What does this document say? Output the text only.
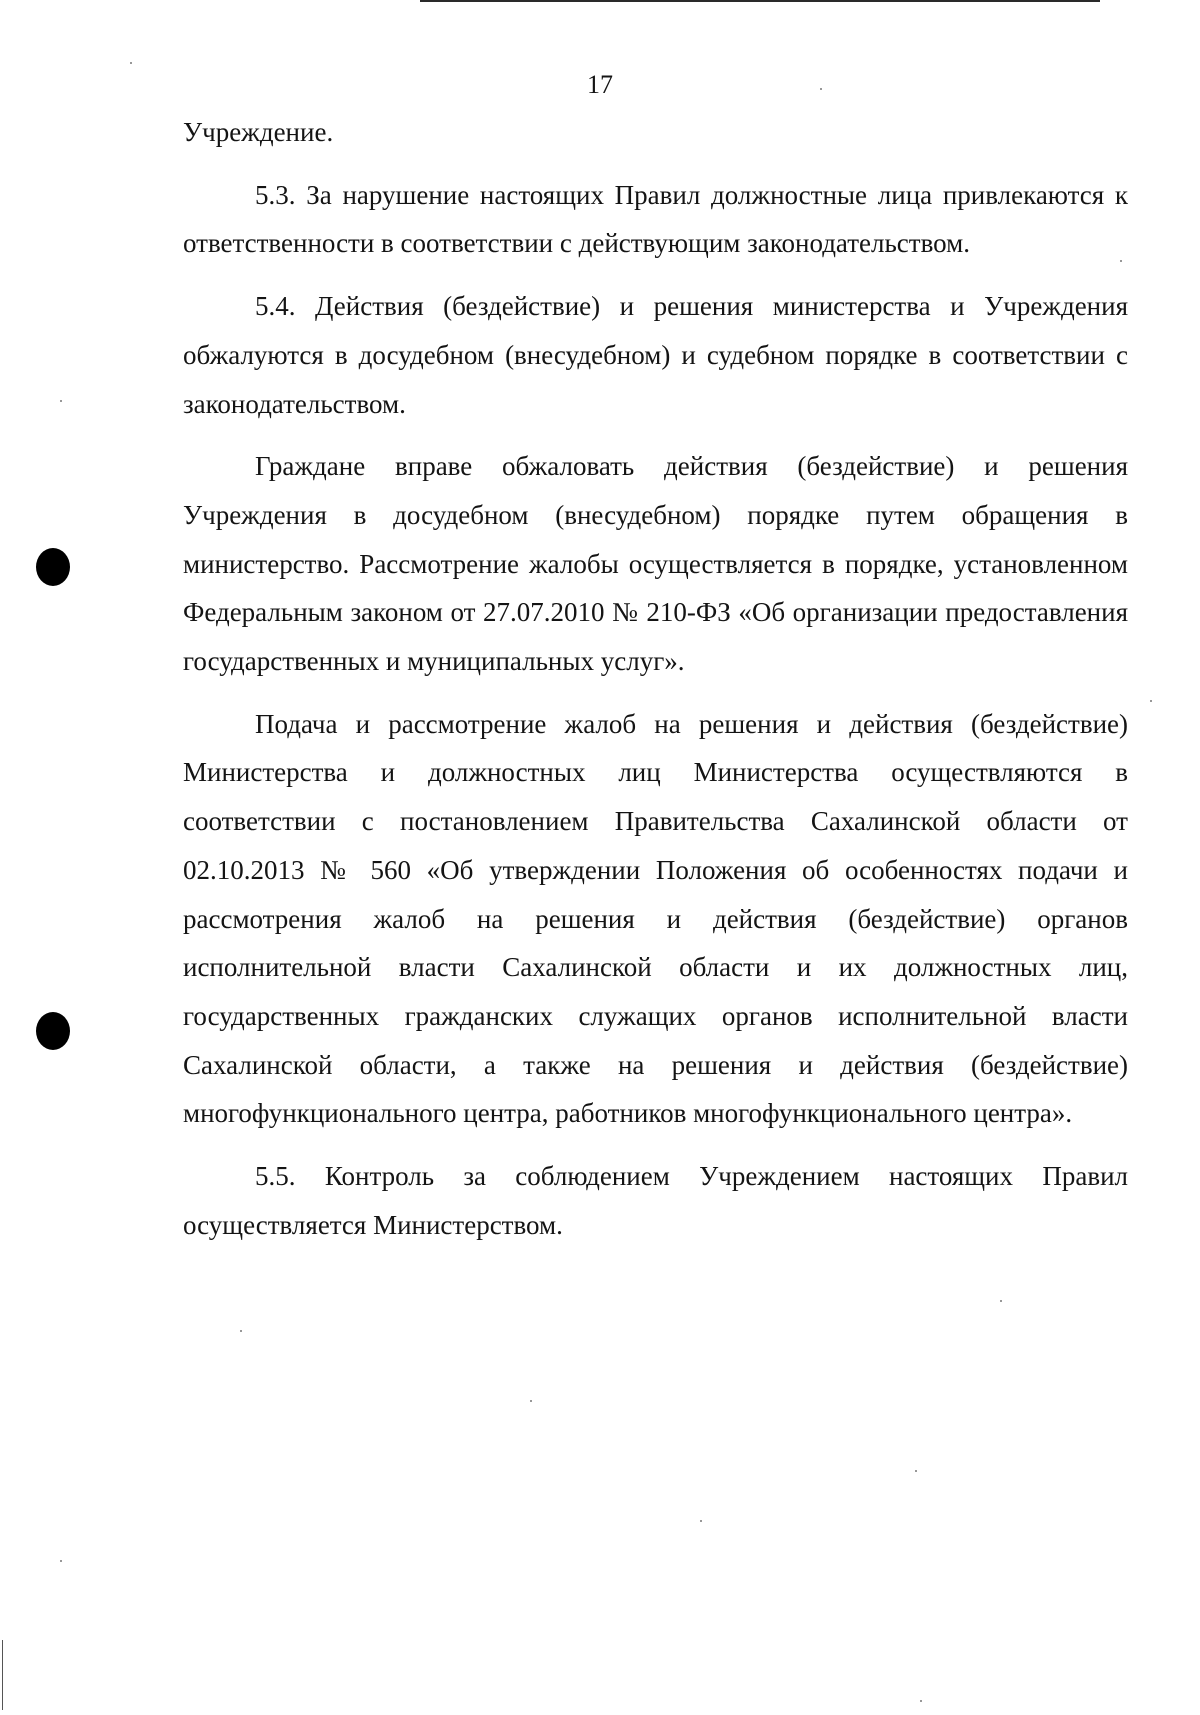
17

Учреждение.

5.3. За нарушение настоящих Правил должностные лица привлекаются к ответственности в соответствии с действующим законодательством.

5.4. Действия (бездействие) и решения министерства и Учреждения обжалуются в досудебном (внесудебном) и судебном порядке в соответствии с законодательством.

Граждане вправе обжаловать действия (бездействие) и решения Учреждения в досудебном (внесудебном) порядке путем обращения в министерство. Рассмотрение жалобы осуществляется в порядке, установленном Федеральным законом от 27.07.2010 № 210-ФЗ «Об организации предоставления государственных и муниципальных услуг».

Подача и рассмотрение жалоб на решения и действия (бездействие) Министерства и должностных лиц Министерства осуществляются в соответствии с постановлением Правительства Сахалинской области от 02.10.2013 № 560 «Об утверждении Положения об особенностях подачи и рассмотрения жалоб на решения и действия (бездействие) органов исполнительной власти Сахалинской области и их должностных лиц, государственных гражданских служащих органов исполнительной власти Сахалинской области, а также на решения и действия (бездействие) многофункционального центра, работников многофункционального центра».

5.5. Контроль за соблюдением Учреждением настоящих Правил осуществляется Министерством.
